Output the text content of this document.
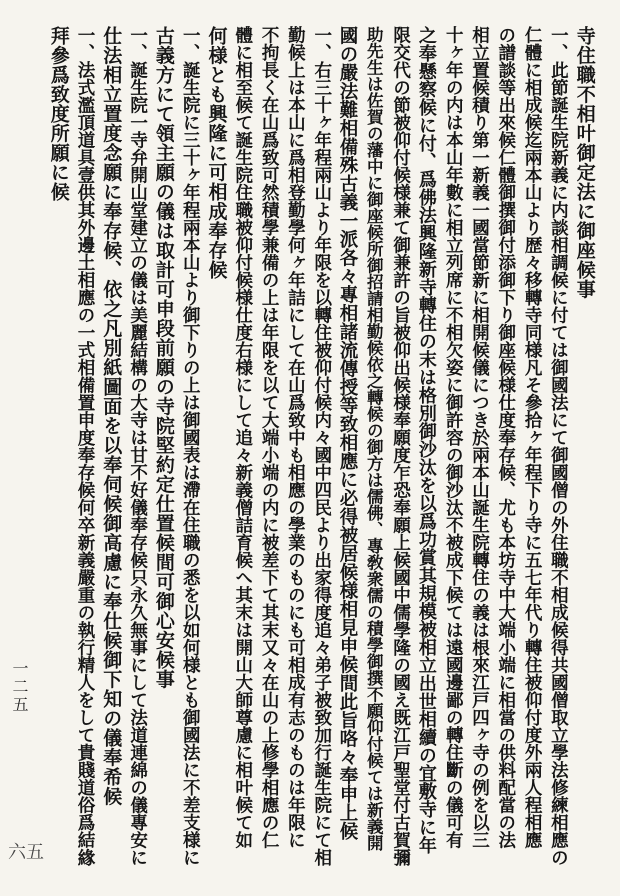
寺住職不相叶御定法に御座候事
一、此節誕生院新義に内談相調候に付ては御國法にて御國僧の外住職不相成候得共國僧取立學法修練相應の
仁體に相成候迄兩本山より歴々移轉寺同様凡そ參拾ヶ年程下り寺に五七年代り轉住被仰付度外兩人程相應
の譜談等出來候仁體御撰御付添御下り御座候様仕度奉存候、尤も本坊寺中大端小端に相當の供料配當の法
相立置候積り第一新義一國當節新に相開候儀につき於兩本山誕生院轉住の義は根來江戸四ヶ寺の例を以三
十ヶ年の内は本山年數に相立列席に不相欠姿に御許容の御沙汰不被成下候ては遠國邊鄙の轉住斷の儀可有
之奉懸察候に付、爲佛法興隆新寺轉住の末は格別御沙汰を以爲功賞其規模被相立出世相續の宜敷寺に年
限交代の節被仰付候様兼て御兼許の旨被仰出候様奉願度乍恐奉願上候國中儒學隆の國え既江戸聖堂付古賀彌
助先生は佐賀の藩中に御座候所御招請相勤候依之轉候の御方は儒佛、專敎衆儒の積學御撰不願仰付候ては新義開
國の嚴法難相備殊古義一派各々專相諸流傳授等致相應に必得被居候様相見申候間此旨咯々奉申上候
一、右三十ヶ年程兩山より年限を以轉住被仰付候内々國中四民より出家得度追々弟子被致加行誕生院にて相
勤候上は本山に爲相登勤學何ヶ年詰にして在山爲致中も相應の學業のものにも可相成有志のものは年限に
不拘長く在山爲致可然積學兼備の上は年限を以て大端小端の内に被差下て其末又々在山の上修學相應の仁
體に相至候て誕生院住職被仰付候様仕度右様にして追々新義僧詰育候へ其末は開山大師尊慮に相叶候て如
何様とも興隆に可相成奉存候
一、誕生院に三十ヶ年程兩本山より御下りの上は御國表は滯在住職の悉を以如何様とも御國法に不差支様に
古義方にて領主願の儀は取計可申段前願の寺院堅約定仕置候間可御心安候事
一、誕生院一寺弁開山堂建立の儀は美麗結構の大寺は甘不好儀奉存候只永久無事にして法道連綿の儀專安に
仕法相立置度念願に奉存候、依之凡別紙圖面を以奉伺候御高慮に奉仕候御下知の儀奉希候
一、法式濫頂道具壹供其外邊土相應の一式相備置申度奉存候何卒新義嚴重の執行精人をして貴賤道俗爲結緣
拜參爲致度所願に候
一二五
六五
